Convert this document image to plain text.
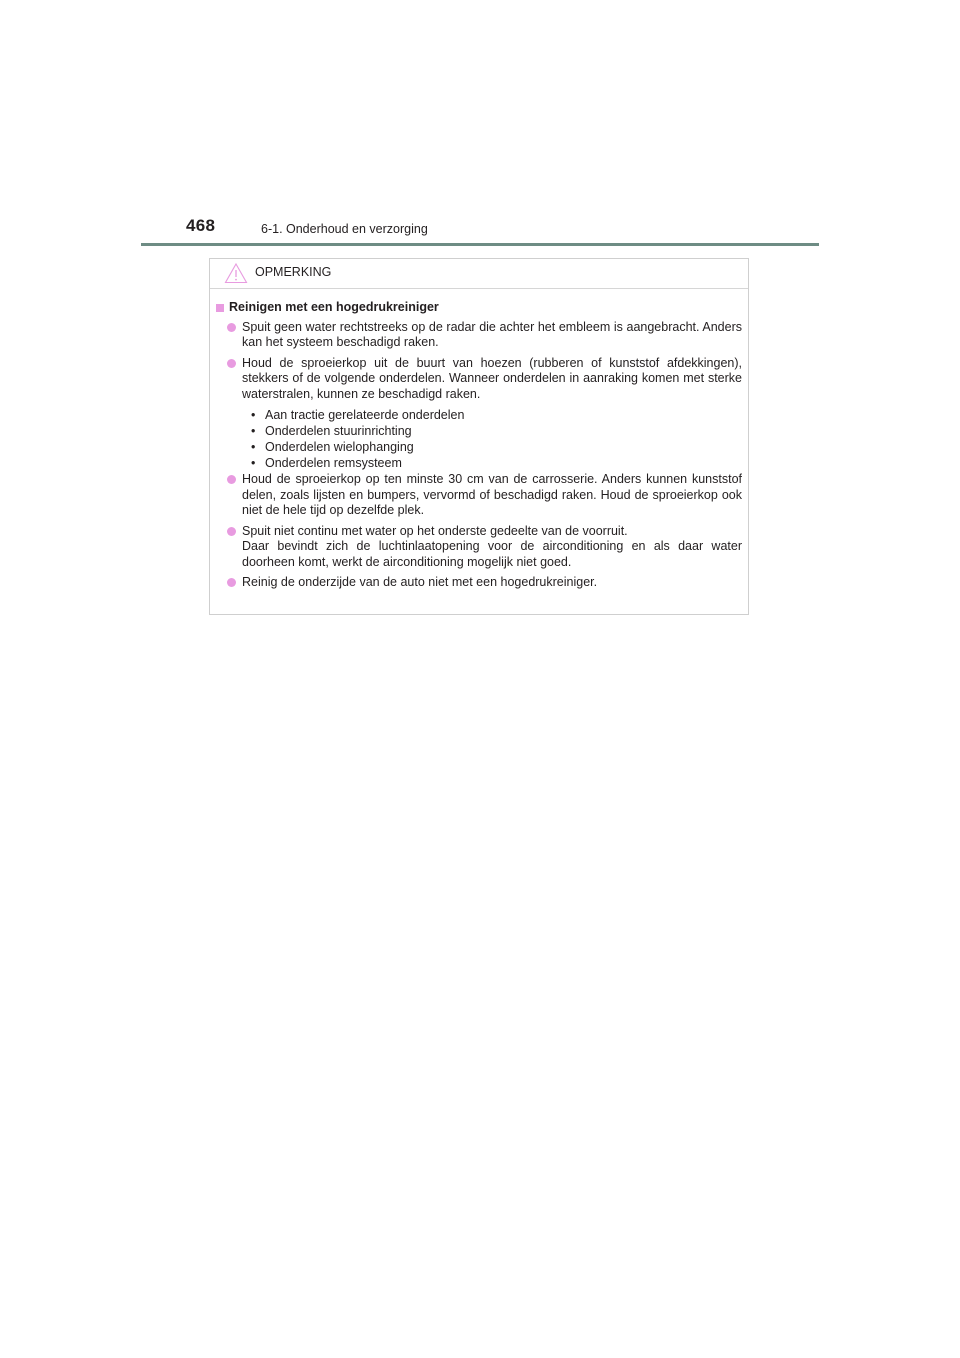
468	6-1. Onderhoud en verzorging
OPMERKING
Reinigen met een hogedrukreiniger
Spuit geen water rechtstreeks op de radar die achter het embleem is aangebracht. Anders kan het systeem beschadigd raken.
Houd de sproeierkop uit de buurt van hoezen (rubberen of kunststof afdekkingen), stekkers of de volgende onderdelen. Wanneer onderdelen in aanraking komen met sterke waterstralen, kunnen ze beschadigd raken.
• Aan tractie gerelateerde onderdelen
• Onderdelen stuurinrichting
• Onderdelen wielophanging
• Onderdelen remsysteem
Houd de sproeierkop op ten minste 30 cm van de carrosserie. Anders kunnen kunststof delen, zoals lijsten en bumpers, vervormd of beschadigd raken. Houd de sproeierkop ook niet de hele tijd op dezelfde plek.
Spuit niet continu met water op het onderste gedeelte van de voorruit.
Daar bevindt zich de luchtinlaatopening voor de airconditioning en als daar water doorheen komt, werkt de airconditioning mogelijk niet goed.
Reinig de onderzijde van de auto niet met een hogedrukreiniger.
